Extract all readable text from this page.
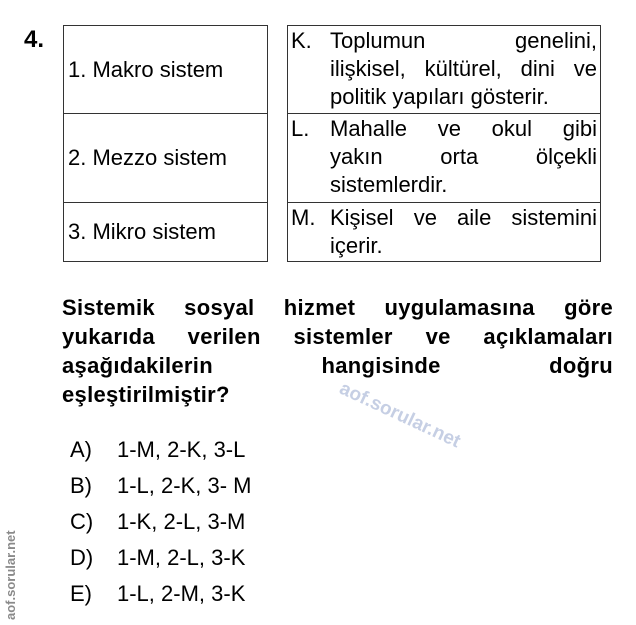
4.
1. Makro sistem
2. Mezzo sistem
3. Mikro sistem
K. Toplumun genelini,
ilişkisel, kültürel, dini ve
politik yapıları gösterir.
L. Mahalle ve okul gibi
yakın orta ölçekli
sistemlerdir.
M. Kişisel ve aile sistemini
içerir.
Sistemik sosyal hizmet uygulamasına göre
yukarıda verilen sistemler ve açıklamaları
aşağıdakilerin hangisinde doğru
eşleştirilmiştir?	aof.sorular.net
A) 1-M, 2-K, 3-L
B) 1-L, 2-K, 3- M
C) 1-K, 2-L, 3-M
D) 1-M, 2-L, 3-K
E) 1-L, 2-M, 3-K
aof.sorular.net
